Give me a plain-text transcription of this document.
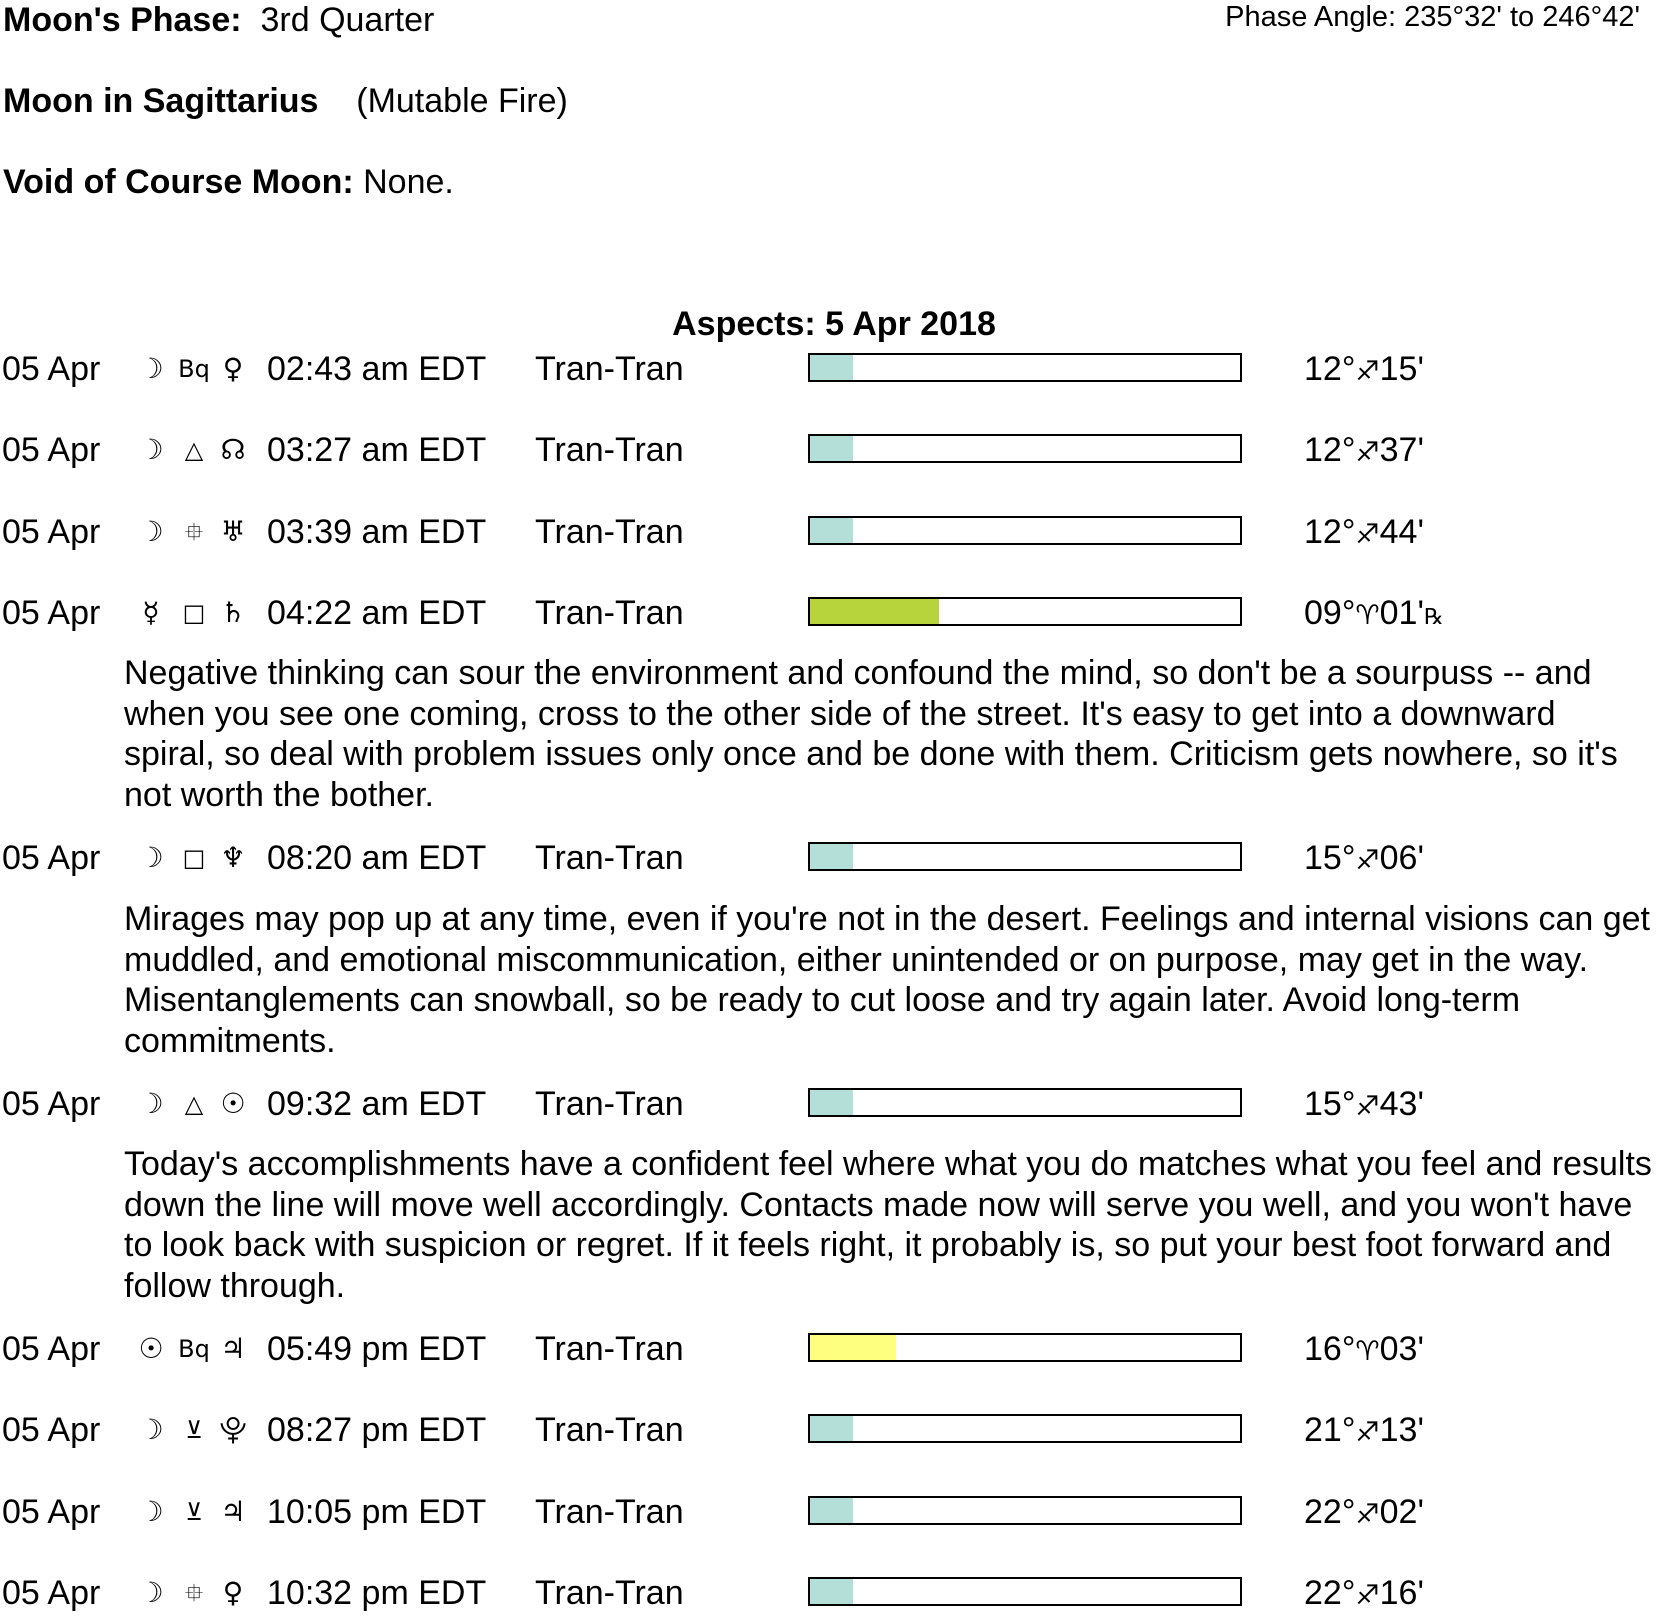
Moon's Phase: 3rd Quarter	Phase Angle: 235°32' to 246°42'
Moon in Sagittarius (Mutable Fire)
Void of Course Moon: None.
Aspects: 5 Apr 2018
05 Apr ☽ Bq ♀ 02:43 am EDT Tran-Tran	12°♐15'
05 Apr ☽ △ ☊ 03:27 am EDT Tran-Tran	12°♐37'
05 Apr ☽ ⯐ ♅ 03:39 am EDT Tran-Tran	12°♐44'
05 Apr	☿ □ ♄ 04:22 am EDT Tran-Tran	09°♈01'℞
Negative thinking can sour the environment and confound the mind, so don't be a sourpuss -- and when you see one coming, cross to the other side of the street. It's easy to get into a downward spiral, so deal with problem issues only once and be done with them. Criticism gets nowhere, so it's not worth the bother.
05 Apr ☽ □ ♆ 08:20 am EDT Tran-Tran	15°♐06'
Mirages may pop up at any time, even if you're not in the desert. Feelings and internal visions can get muddled, and emotional miscommunication, either unintended or on purpose, may get in the way. Misentanglements can snowball, so be ready to cut loose and try again later. Avoid long-term commitments.
05 Apr ☽ △ ☉ 09:32 am EDT Tran-Tran	15°♐43'
Today's accomplishments have a confident feel where what you do matches what you feel and results down the line will move well accordingly. Contacts made now will serve you well, and you won't have to look back with suspicion or regret. If it feels right, it probably is, so put your best foot forward and follow through.
05 Apr ☉ Bq ♃ 05:49 pm EDT Tran-Tran	16°♈03'
05 Apr ☽ ⊻ ⯓ 08:27 pm EDT Tran-Tran	21°♐13'
05 Apr ☽ ⊻ ♃ 10:05 pm EDT Tran-Tran	22°♐02'
05 Apr ☽ ⯐ ♀ 10:32 pm EDT Tran-Tran	22°♐16'
